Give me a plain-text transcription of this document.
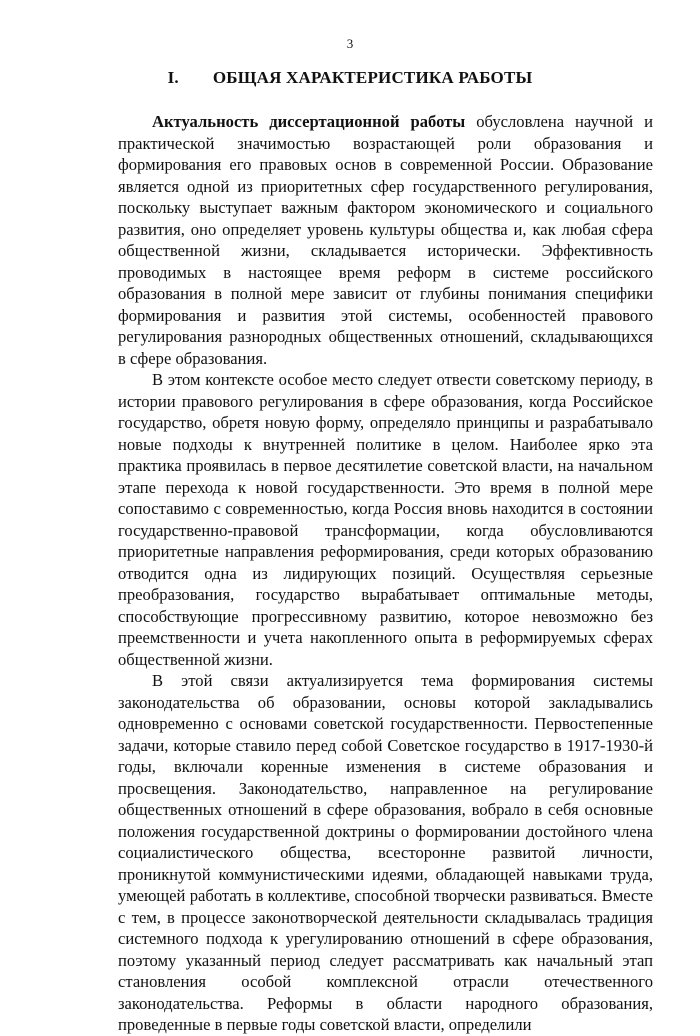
3
I. ОБЩАЯ ХАРАКТЕРИСТИКА РАБОТЫ

Актуальность диссертационной работы обусловлена научной и практической значимостью возрастающей роли образования и формирования его правовых основ в современной России. Образование является одной из приоритетных сфер государственного регулирования, поскольку выступает важным фактором экономического и социального развития, оно определяет уровень культуры общества и, как любая сфера общественной жизни, складывается исторически. Эффективность проводимых в настоящее время реформ в системе российского образования в полной мере зависит от глубины понимания специфики формирования и развития этой системы, особенностей правового регулирования разнородных общественных отношений, складывающихся в сфере образования.

В этом контексте особое место следует отвести советскому периоду, в истории правового регулирования в сфере образования, когда Российское государство, обретя новую форму, определяло принципы и разрабатывало новые подходы к внутренней политике в целом. Наиболее ярко эта практика проявилась в первое десятилетие советской власти, на начальном этапе перехода к новой государственности. Это время в полной мере сопоставимо с современностью, когда Россия вновь находится в состоянии государственно-правовой трансформации, когда обусловливаются приоритетные направления реформирования, среди которых образованию отводится одна из лидирующих позиций. Осуществляя серьезные преобразования, государство вырабатывает оптимальные методы, способствующие прогрессивному развитию, которое невозможно без преемственности и учета накопленного опыта в реформируемых сферах общественной жизни.

В этой связи актуализируется тема формирования системы законодательства об образовании, основы которой закладывались одновременно с основами советской государственности. Первостепенные задачи, которые ставило перед собой Советское государство в 1917-1930-й годы, включали коренные изменения в системе образования и просвещения. Законодательство, направленное на регулирование общественных отношений в сфере образования, вобрало в себя основные положения государственной доктрины о формировании достойного члена социалистического общества, всесторонне развитой личности, проникнутой коммунистическими идеями, обладающей навыками труда, умеющей работать в коллективе, способной творчески развиваться. Вместе с тем, в процессе законотворческой деятельности складывалась традиция системного подхода к урегулированию отношений в сфере образования, поэтому указанный период следует рассматривать как начальный этап становления особой комплексной отрасли отечественного законодательства. Реформы в области народного образования, проведенные в первые годы советской власти, определили
